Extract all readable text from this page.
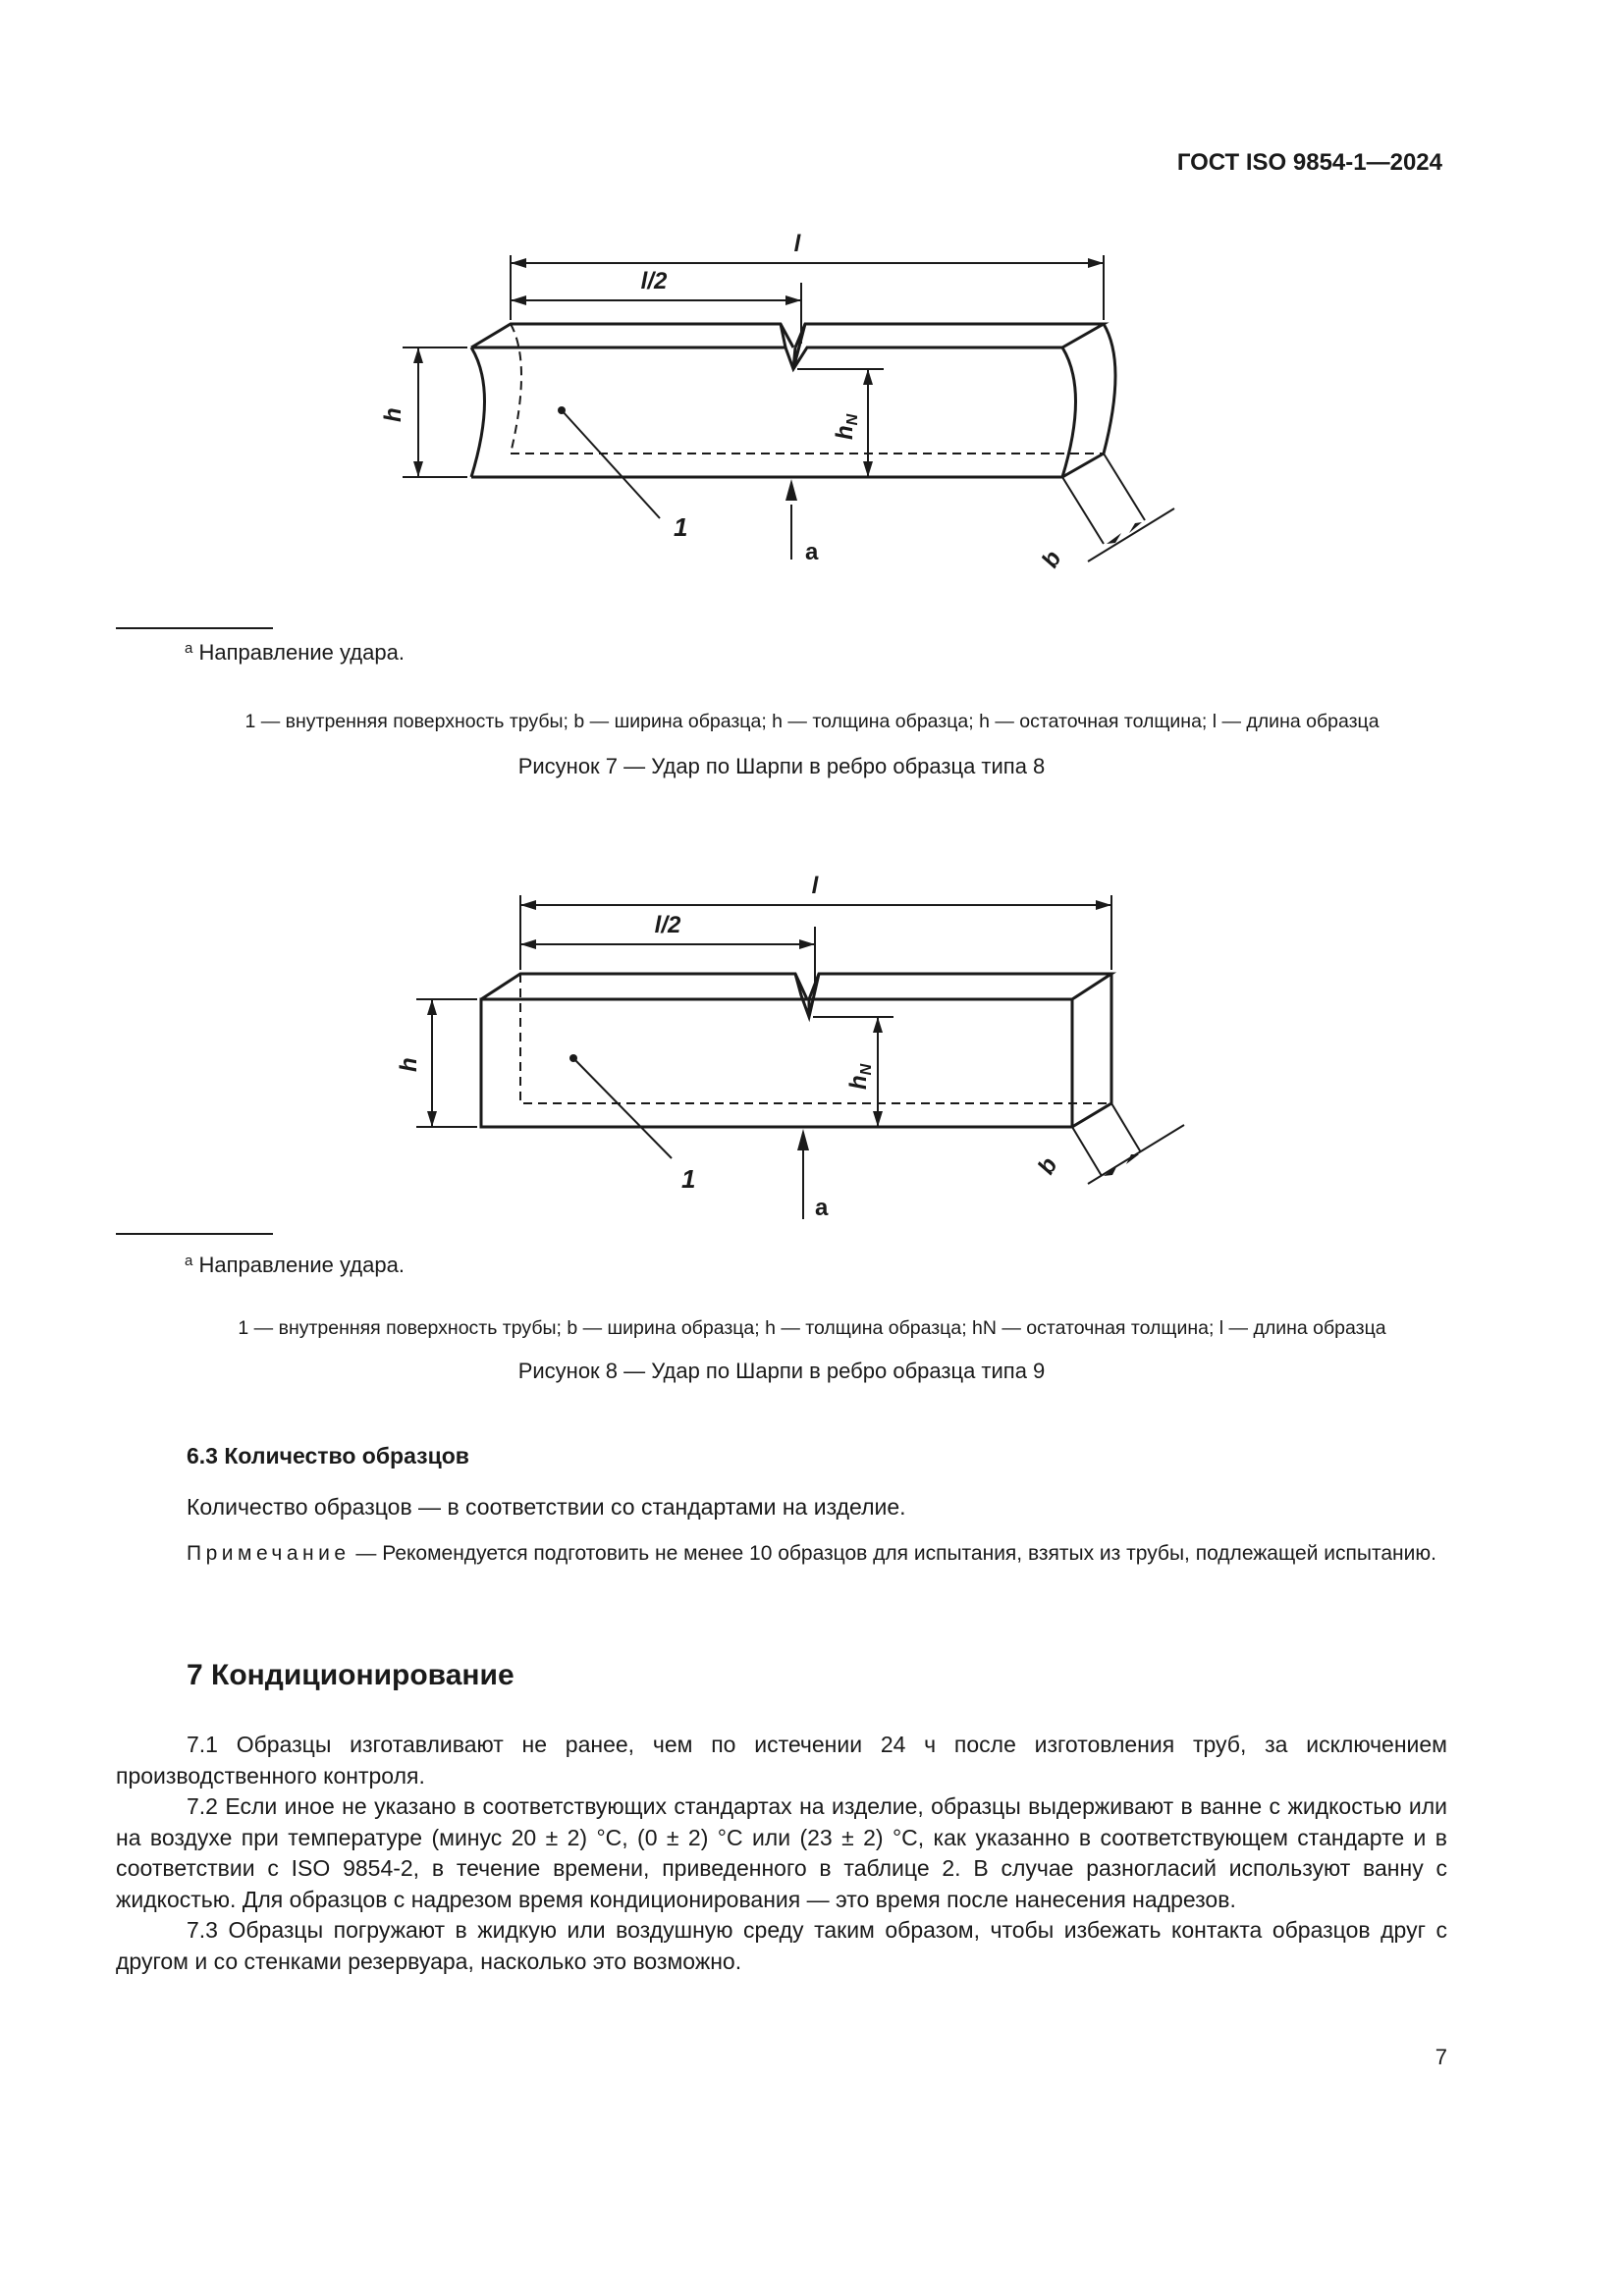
ГОСТ ISO 9854-1—2024
l
l/2
h
$h_N$
b
1
a
$^a$ Направление удара.
1 — внутренняя поверхность трубы; b — ширина образца; h — толщина образца; h — остаточная толщина; l — длина образца
Рисунок 7 — Удар по Шарпи в ребро образца типа 8
l
l/2
h
$h_N$
b
1
a
$^a$ Направление удара.
1 — внутренняя поверхность трубы; b — ширина образца; h — толщина образца; hN — остаточная толщина; l — длина образца
Рисунок 8 — Удар по Шарпи в ребро образца типа 9
6.3 Количество образцов
Количество образцов — в соответствии со стандартами на изделие.
Примечание — Рекомендуется подготовить не менее 10 образцов для испытания, взятых из трубы, подлежащей испытанию.
7 Кондиционирование

7.1 Образцы изготавливают не ранее, чем по истечении 24 ч после изготовления труб, за исключением производственного контроля.

7.2 Если иное не указано в соответствующих стандартах на изделие, образцы выдерживают в ванне с жидкостью или на воздухе при температуре (минус 20 ± 2) °С, (0 ± 2) °С или (23 ± 2) °С, как указанно в соответствующем стандарте и в соответствии с ISO 9854-2, в течение времени, приведенного в таблице 2. В случае разногласий используют ванну с жидкостью. Для образцов с надрезом время кондиционирования — это время после нанесения надрезов.

7.3 Образцы погружают в жидкую или воздушную среду таким образом, чтобы избежать контакта образцов друг с другом и со стенками резервуара, насколько это возможно.

7
